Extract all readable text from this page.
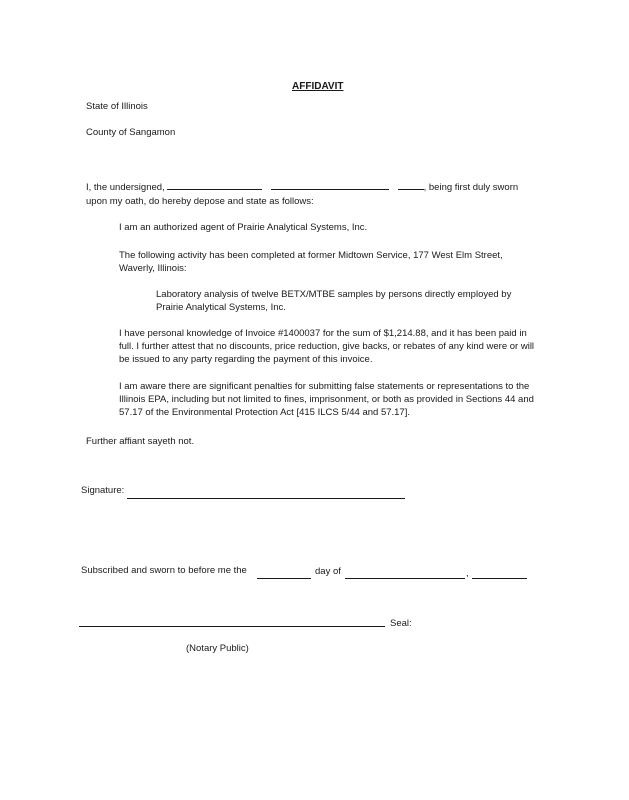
AFFIDAVIT
State of Illinois
County of Sangamon
I, the undersigned,	, being first duly sworn
upon my oath, do hereby depose and state as follows:
I am an authorized agent of Prairie Analytical Systems, Inc.
The following activity has been completed at former Midtown Service, 177 West Elm Street, Waverly, Illinois:
Laboratory analysis of twelve BETX/MTBE samples by persons directly employed by Prairie Analytical Systems, Inc.
I have personal knowledge of Invoice #1400037 for the sum of $1,214.88, and it has been paid in full. I further attest that no discounts, price reduction, give backs, or rebates of any kind were or will be issued to any party regarding the payment of this invoice.
I am aware there are significant penalties for submitting false statements or representations to the Illinois EPA, including but not limited to fines, imprisonment, or both as provided in Sections 44 and 57.17 of the Environmental Protection Act [415 ILCS 5/44 and 57.17].
Further affiant sayeth not.
Signature:
Subscribed and sworn to before me the	day of	,
Seal:
(Notary Public)
